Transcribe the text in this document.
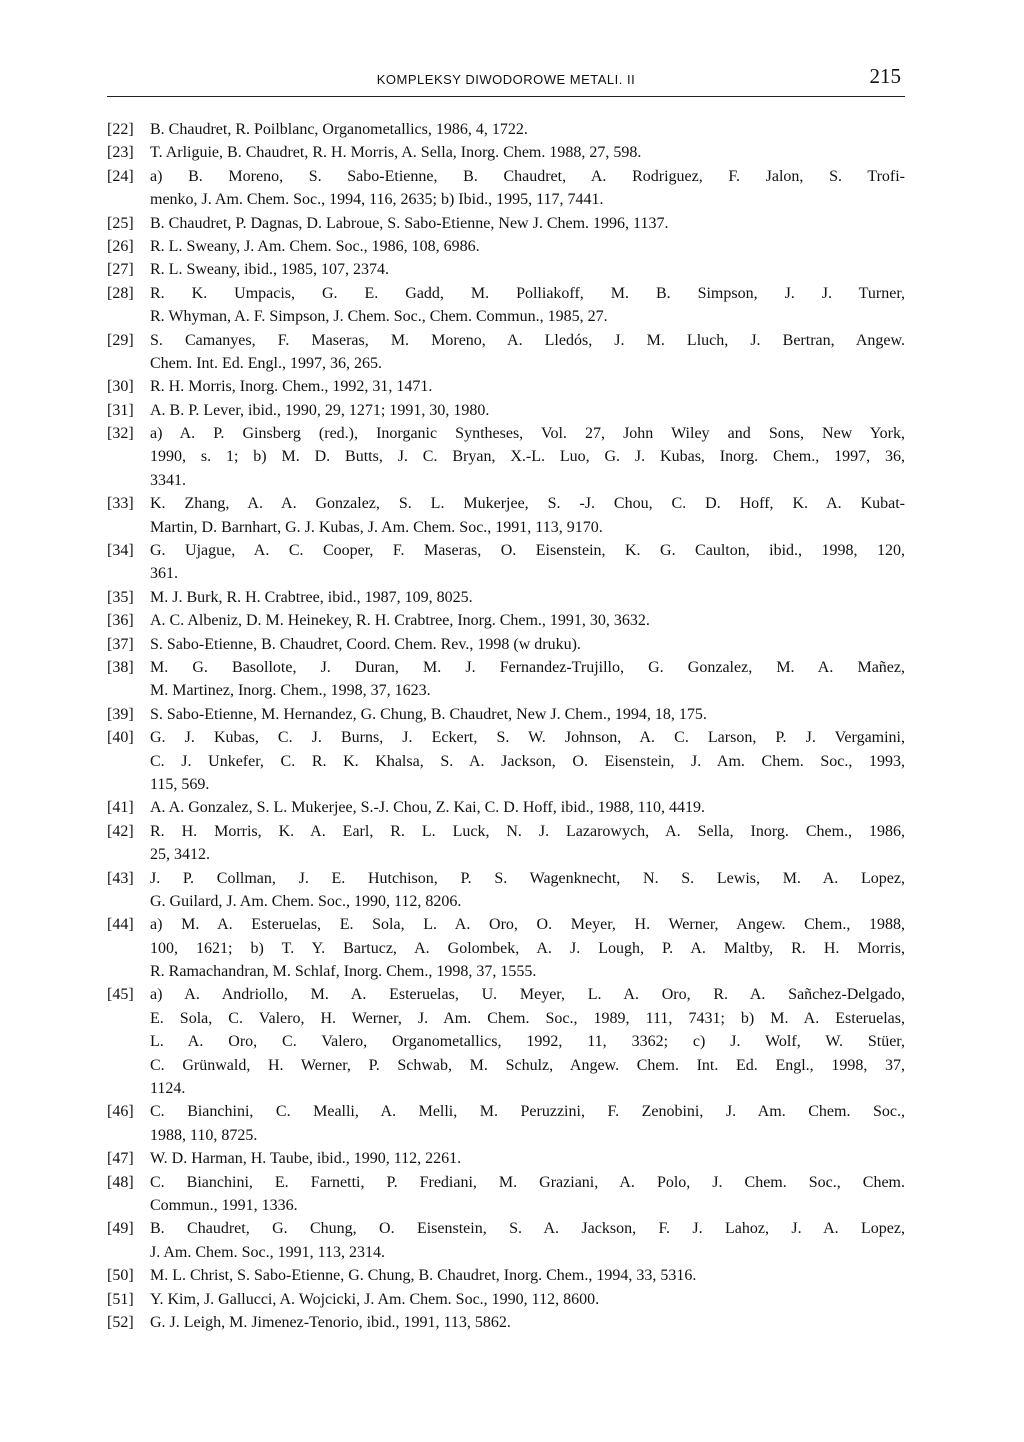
KOMPLEKSY DIWODOROWE METALI. II	215
[22] B. Chaudret, R. Poilblanc, Organometallics, 1986, 4, 1722.
[23] T. Arliguie, B. Chaudret, R. H. Morris, A. Sella, Inorg. Chem. 1988, 27, 598.
[24] a) B. Moreno, S. Sabo-Etienne, B. Chaudret, A. Rodriguez, F. Jalon, S. Trofi-
menko, J. Am. Chem. Soc., 1994, 116, 2635; b) Ibid., 1995, 117, 7441.
[25] B. Chaudret, P. Dagnas, D. Labroue, S. Sabo-Etienne, New J. Chem. 1996, 1137.
[26] R. L. Sweany, J. Am. Chem. Soc., 1986, 108, 6986.
[27] R. L. Sweany, ibid., 1985, 107, 2374.
[28] R. K. Umpacis, G. E. Gadd, M. Polliakoff, M. B. Simpson, J. J. Turner,
R. Whyman, A. F. Simpson, J. Chem. Soc., Chem. Commun., 1985, 27.
[29] S. Camanyes, F. Maseras, M. Moreno, A. Lledós, J. M. Lluch, J. Bertran, Angew.
Chem. Int. Ed. Engl., 1997, 36, 265.
[30] R. H. Morris, Inorg. Chem., 1992, 31, 1471.
[31] A. B. P. Lever, ibid., 1990, 29, 1271; 1991, 30, 1980.
[32] a) A. P. Ginsberg (red.), Inorganic Syntheses, Vol. 27, John Wiley and Sons, New York,
1990, s. 1; b) M. D. Butts, J. C. Bryan, X.-L. Luo, G. J. Kubas, Inorg. Chem., 1997, 36,
3341.
[33] K. Zhang, A. A. Gonzalez, S. L. Mukerjee, S. -J. Chou, C. D. Hoff, K. A. Kubat-
Martin, D. Barnhart, G. J. Kubas, J. Am. Chem. Soc., 1991, 113, 9170.
[34] G. Ujague, A. C. Cooper, F. Maseras, O. Eisenstein, K. G. Caulton, ibid., 1998, 120,
361.
[35] M. J. Burk, R. H. Crabtree, ibid., 1987, 109, 8025.
[36] A. C. Albeniz, D. M. Heinekey, R. H. Crabtree, Inorg. Chem., 1991, 30, 3632.
[37] S. Sabo-Etienne, B. Chaudret, Coord. Chem. Rev., 1998 (w druku).
[38] M. G. Basollote, J. Duran, M. J. Fernandez-Trujillo, G. Gonzalez, M. A. Mañez,
M. Martinez, Inorg. Chem., 1998, 37, 1623.
[39] S. Sabo-Etienne, M. Hernandez, G. Chung, B. Chaudret, New J. Chem., 1994, 18, 175.
[40] G. J. Kubas, C. J. Burns, J. Eckert, S. W. Johnson, A. C. Larson, P. J. Vergamini,
C. J. Unkefer, C. R. K. Khalsa, S. A. Jackson, O. Eisenstein, J. Am. Chem. Soc., 1993,
115, 569.
[41] A. A. Gonzalez, S. L. Mukerjee, S.-J. Chou, Z. Kai, C. D. Hoff, ibid., 1988, 110, 4419.
[42] R. H. Morris, K. A. Earl, R. L. Luck, N. J. Lazarowych, A. Sella, Inorg. Chem., 1986,
25, 3412.
[43] J. P. Collman, J. E. Hutchison, P. S. Wagenknecht, N. S. Lewis, M. A. Lopez,
G. Guilard, J. Am. Chem. Soc., 1990, 112, 8206.
[44] a) M. A. Esteruelas, E. Sola, L. A. Oro, O. Meyer, H. Werner, Angew. Chem., 1988,
100, 1621; b) T. Y. Bartucz, A. Golombek, A. J. Lough, P. A. Maltby, R. H. Morris,
R. Ramachandran, M. Schlaf, Inorg. Chem., 1998, 37, 1555.
[45] a) A. Andriollo, M. A. Esteruelas, U. Meyer, L. A. Oro, R. A. Sañchez-Delgado,
E. Sola, C. Valero, H. Werner, J. Am. Chem. Soc., 1989, 111, 7431; b) M. A. Esteruelas,
L. A. Oro, C. Valero, Organometallics, 1992, 11, 3362; c) J. Wolf, W. Stüer,
C. Grünwald, H. Werner, P. Schwab, M. Schulz, Angew. Chem. Int. Ed. Engl., 1998, 37,
1124.
[46] C. Bianchini, C. Mealli, A. Melli, M. Peruzzini, F. Zenobini, J. Am. Chem. Soc.,
1988, 110, 8725.
[47] W. D. Harman, H. Taube, ibid., 1990, 112, 2261.
[48] C. Bianchini, E. Farnetti, P. Frediani, M. Graziani, A. Polo, J. Chem. Soc., Chem.
Commun., 1991, 1336.
[49] B. Chaudret, G. Chung, O. Eisenstein, S. A. Jackson, F. J. Lahoz, J. A. Lopez,
J. Am. Chem. Soc., 1991, 113, 2314.
[50] M. L. Christ, S. Sabo-Etienne, G. Chung, B. Chaudret, Inorg. Chem., 1994, 33, 5316.
[51] Y. Kim, J. Gallucci, A. Wojcicki, J. Am. Chem. Soc., 1990, 112, 8600.
[52] G. J. Leigh, M. Jimenez-Tenorio, ibid., 1991, 113, 5862.
